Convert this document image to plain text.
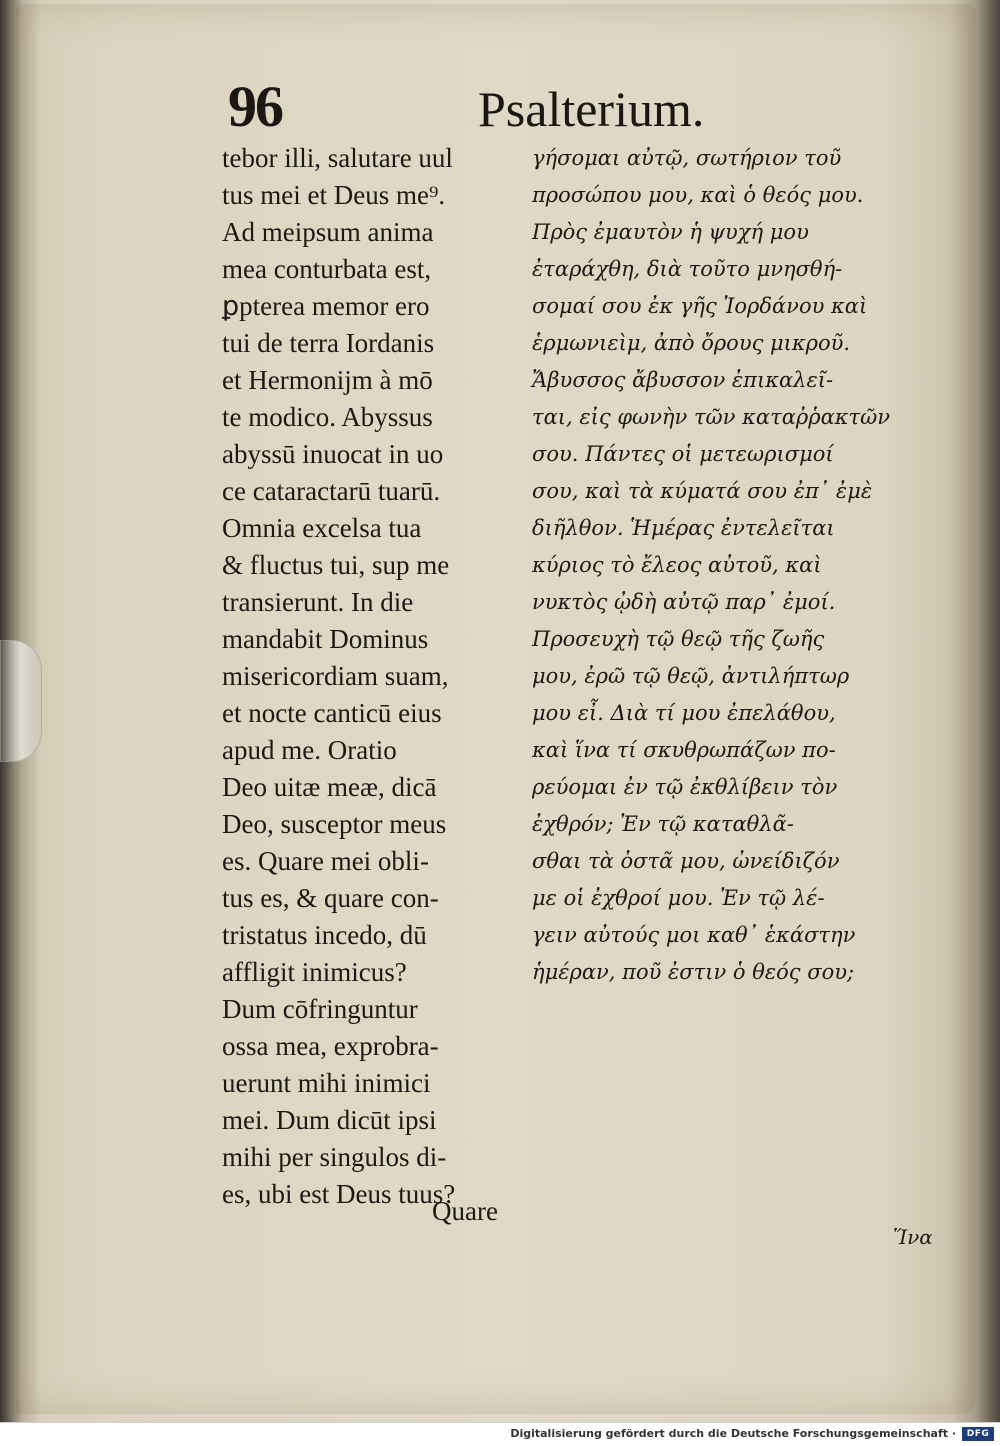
96	Psalterium.
tebor illi, salutare uul
tus mei et Deus me⁹.
Ad meipsum anima
mea conturbata est,
ꝑpterea memor ero
tui de terra Iordanis
et Hermonijm à mō
te modico. Abyssus
abyssū inuocat in uo
ce cataractarū tuarū.
Omnia excelsa tua
& fluctus tui, sup me
transierunt. In die
mandabit Dominus
misericordiam suam,
et nocte canticū eius
apud me. Oratio
Deo uitæ meæ, dicā
Deo, susceptor meus
es. Quare mei obli-
tus es, & quare con-
tristatus incedo, dū
affligit inimicus?
Dum cōfringuntur
ossa mea, exprobra-
uerunt mihi inimici
mei. Dum dicūt ipsi
mihi per singulos di-
es, ubi est Deus tuus?
γήσομαι αὐτῷ, σωτήριον τοῦ
προσώπου μου, καὶ ὁ θεός μου.
Πρὸς ἐμαυτὸν ἡ ψυχή μου
ἐταράχθη, διὰ τοῦτο μνησθή-
σομαί σου ἐκ γῆς Ἰορδάνου καὶ
ἑρμωνιεὶμ, ἀπὸ ὄρους μικροῦ.
Ἄβυσσος ἄβυσσον ἐπικαλεῖ-
ται, εἰς φωνὴν τῶν καταῤῥακτῶν
σου. Πάντες οἱ μετεωρισμοί
σου, καὶ τὰ κύματά σου ἐπ᾽ ἐμὲ
διῆλθον. Ἡμέρας ἐντελεῖται
κύριος τὸ ἔλεος αὐτοῦ, καὶ
νυκτὸς ᾠδὴ αὐτῷ παρ᾽ ἐμοί.
Προσευχὴ τῷ θεῷ τῆς ζωῆς
μου, ἐρῶ τῷ θεῷ, ἀντιλήπτωρ
μου εἶ. Διὰ τί μου ἐπελάθου,
καὶ ἵνα τί σκυθρωπάζων πο-
ρεύομαι ἐν τῷ ἐκθλίβειν τὸν
ἐχθρόν; Ἐν τῷ καταθλᾶ-
σθαι τὰ ὀστᾶ μου, ὠνείδιζόν
με οἱ ἐχθροί μου. Ἐν τῷ λέ-
γειν αὐτούς μοι καθ᾽ ἑκάστην
ἡμέραν, ποῦ ἐστιν ὁ θεός σου;
Quare
Ἵνα
Digitalisierung gefördert durch die Deutsche Forschungsgemeinschaft ·	DFG
